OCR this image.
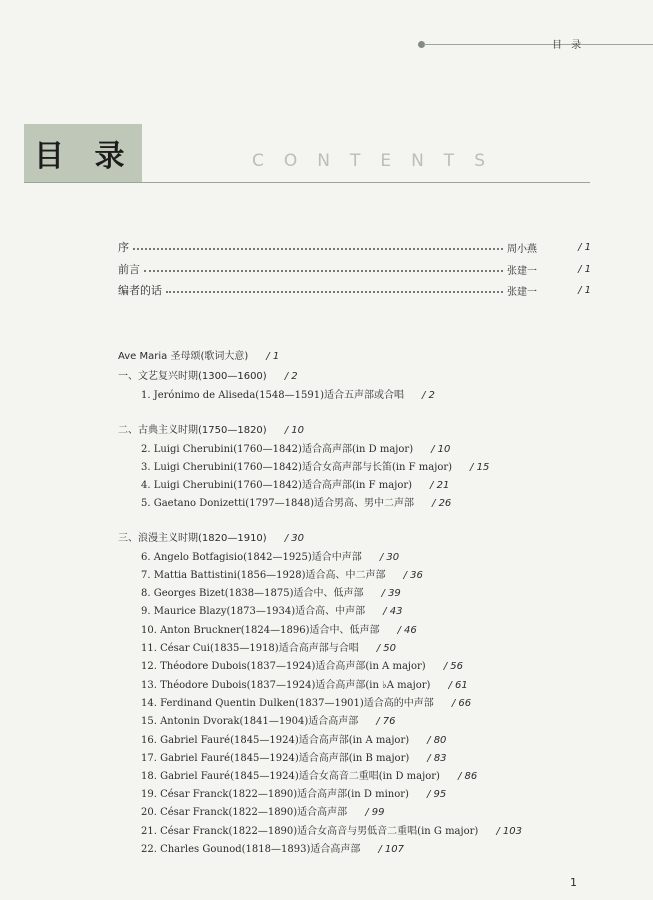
目 录
目 录	CONTENTS
序	周小燕	/ 1
前言	张建一	/ 1
编者的话	张建一	/ 1
Ave Maria 圣母颂(歌词大意) / 1
一、文艺复兴时期(1300—1600) / 2
1. Jerónimo de Aliseda(1548—1591)适合五声部或合唱 / 2
二、古典主义时期(1750—1820) / 10
2. Luigi Cherubini(1760—1842)适合高声部(in D major) / 10
3. Luigi Cherubini(1760—1842)适合女高声部与长笛(in F major) / 15
4. Luigi Cherubini(1760—1842)适合高声部(in F major) / 21
5. Gaetano Donizetti(1797—1848)适合男高、男中二声部 / 26
三、浪漫主义时期(1820—1910) / 30
6. Angelo Botfagisio(1842—1925)适合中声部 / 30
7. Mattia Battistini(1856—1928)适合高、中二声部 / 36
8. Georges Bizet(1838—1875)适合中、低声部 / 39
9. Maurice Blazy(1873—1934)适合高、中声部 / 43
10. Anton Bruckner(1824—1896)适合中、低声部 / 46
11. César Cui(1835—1918)适合高声部与合唱 / 50
12. Théodore Dubois(1837—1924)适合高声部(in A major) / 56
13. Théodore Dubois(1837—1924)适合高声部(in ♭A major) / 61
14. Ferdinand Quentin Dulken(1837—1901)适合高的中声部 / 66
15. Antonin Dvorak(1841—1904)适合高声部 / 76
16. Gabriel Fauré(1845—1924)适合高声部(in A major) / 80
17. Gabriel Fauré(1845—1924)适合高声部(in B major) / 83
18. Gabriel Fauré(1845—1924)适合女高音二重唱(in D major) / 86
19. César Franck(1822—1890)适合高声部(in D minor) / 95
20. César Franck(1822—1890)适合高声部 / 99
21. César Franck(1822—1890)适合女高音与男低音二重唱(in G major) / 103
22. Charles Gounod(1818—1893)适合高声部 / 107
1
